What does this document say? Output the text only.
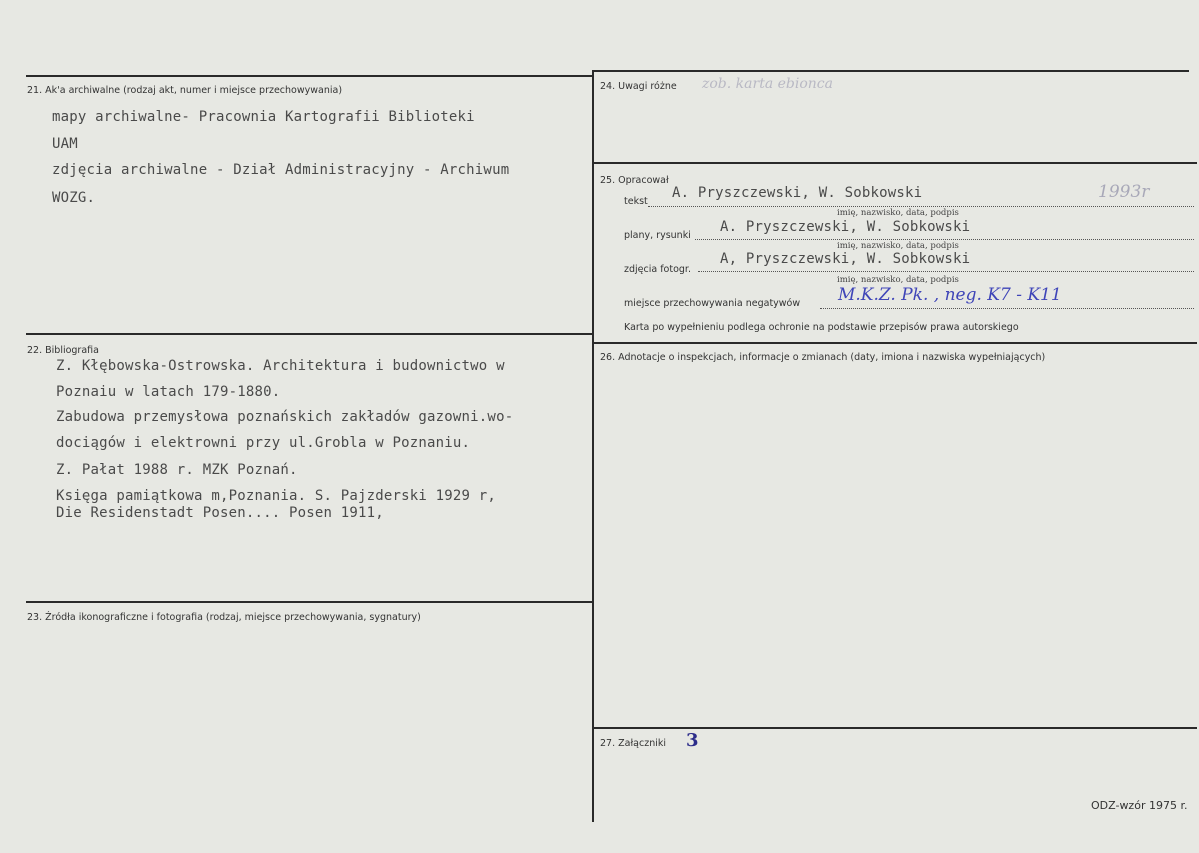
21. Ak'a archiwalne (rodzaj akt, numer i miejsce przechowywania)
mapy archiwalne- Pracownia Kartografii Biblioteki
UAM
zdjęcia archiwalne - Dział Administracyjny - Archiwum
WOZG.
22. Bibliografia
Z. Kłębowska-Ostrowska. Architektura i budownictwo w
Poznaiu w latach 179-1880.
Zabudowa przemysłowa poznańskich zakładów gazowni.wo-
dociągów i elektrowni przy ul.Grobla w Poznaniu.
Z. Pałat 1988 r. MZK Poznań.
Księga pamiątkowa m,Poznania. S. Pajzderski 1929 r,
Die Residenstadt Posen.... Posen 1911,
23. Źródła ikonograficzne i fotografia (rodzaj, miejsce przechowywania, sygnatury)
24. Uwagi różne zob. karta ebionca
25. Opracował
tekst
A. Pryszczewski, W. Sobkowski	1993r
imię, nazwisko, data, podpis
plany, rysunki
A. Pryszczewski, W. Sobkowski
imię, nazwisko, data, podpis
zdjęcia fotogr.
A, Pryszczewski, W. Sobkowski
imię, nazwisko, data, podpis
miejsce przechowywania negatywów M.K.Z. Pk. , neg. K7 - K11
Karta po wypełnieniu podlega ochronie na podstawie przepisów prawa autorskiego
26. Adnotacje o inspekcjach, informacje o zmianach (daty, imiona i nazwiska wypełniających)
27. Załączniki 3
ODZ-wzór 1975 r.
